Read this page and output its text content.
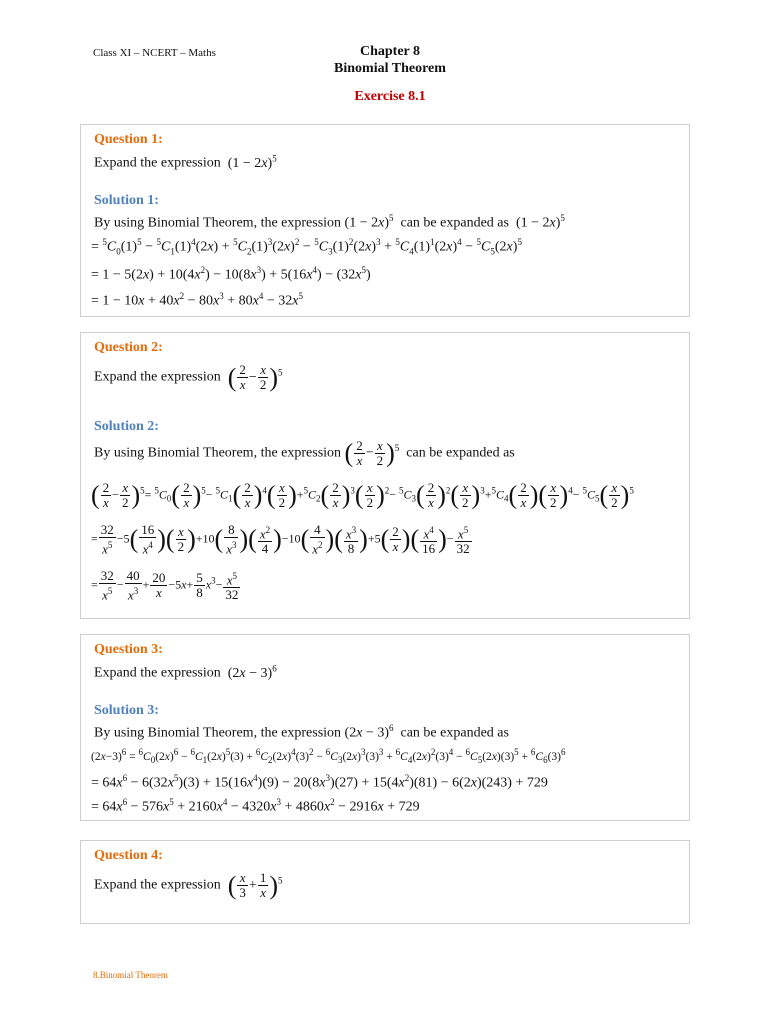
Class XI – NCERT – Maths	Chapter 8
Binomial Theorem
Exercise 8.1
Question 1:
Expand the expression $(1 - 2x)^5$
Solution 1:
By using Binomial Theorem, the expression $(1 - 2x)^5$ can be expanded as  $(1 - 2x)^5$
= $^5C_0(1)^5 - ^5C_1(1)^4(2x) + ^5C_2(1)^3(2x)^2 - ^5C_3(1)^2(2x)^3 + ^5C_4(1)^1(2x)^4 - ^5C_5(2x)^5$
= $1 - 5(2x) + 10(4x^2) - 10(8x^3) + 5(16x^4) - (32x^5)$
= $1 - 10x + 40x^2 - 80x^3 + 80x^4 - 32x^5$
Question 2:
Expand the expression ( $\frac{2}{x} - \frac{x}{2} )^5$
Solution 2:
By using Binomial Theorem, the expression ( $\frac{2}{x} - \frac{x}{2} )^5$ can be expanded as
( $\frac{2}{x} - \frac{x}{2} )^5= ^5C_0( \frac{2}{x} )^5- ^5C_1( \frac{2}{x} )^4( \frac{x}{2} )+^5C_2( \frac{2}{x} )^3( \frac{x}{2} )^2- ^5C_3( \frac{2}{x} )^2( \frac{x}{2} )^3+^5C_4( \frac{2}{x}$ )( $\frac{x}{2} )^4- ^5C_5( \frac{x}{2} )^5$
= $\frac{32}{x^5} -5( \frac{16}{x^4}$ )( $\frac{x}{2} )+10( \frac{8}{x^3}$ )( $\frac{x^2}{4} )-10( \frac{4}{x^2}$ )( $\frac{x^3}{8} )+5( \frac{2}{x}$ )( $\frac{x^4}{16}$ )− $\frac{x^5}{32}$
= $\frac{32}{x^5} - \frac{40}{x^3} + \frac{20}{x} -5x+ \frac{5}{8} x^3- \frac{x^5}{32}$
Question 3:
Expand the expression $(2x - 3)^6$
Solution 3:
By using Binomial Theorem, the expression $(2x - 3)^6$ can be expanded as
$(2x-3)^6 = ^6C_0(2x)^6 - ^6C_1(2x)^5(3) + ^6C_2(2x)^4(3)^2 - ^6C_3(2x)^3(3)^3 + ^6C_4(2x)^2(3)^4 - ^6C_5(2x)(3)^5 + ^6C_6(3)^6$
= $64x^6 - 6(32x^5)(3) + 15(16x^4)(9) - 20(8x^3)(27) + 15(4x^2)(81) - 6(2x)(243) + 729$
= $64x^6 - 576x^5 + 2160x^4 - 4320x^3 + 4860x^2 - 2916x + 729$
Question 4:
Expand the expression ( $\frac{x}{3} + \frac{1}{x} )^5$
8.Binomial Theorem
